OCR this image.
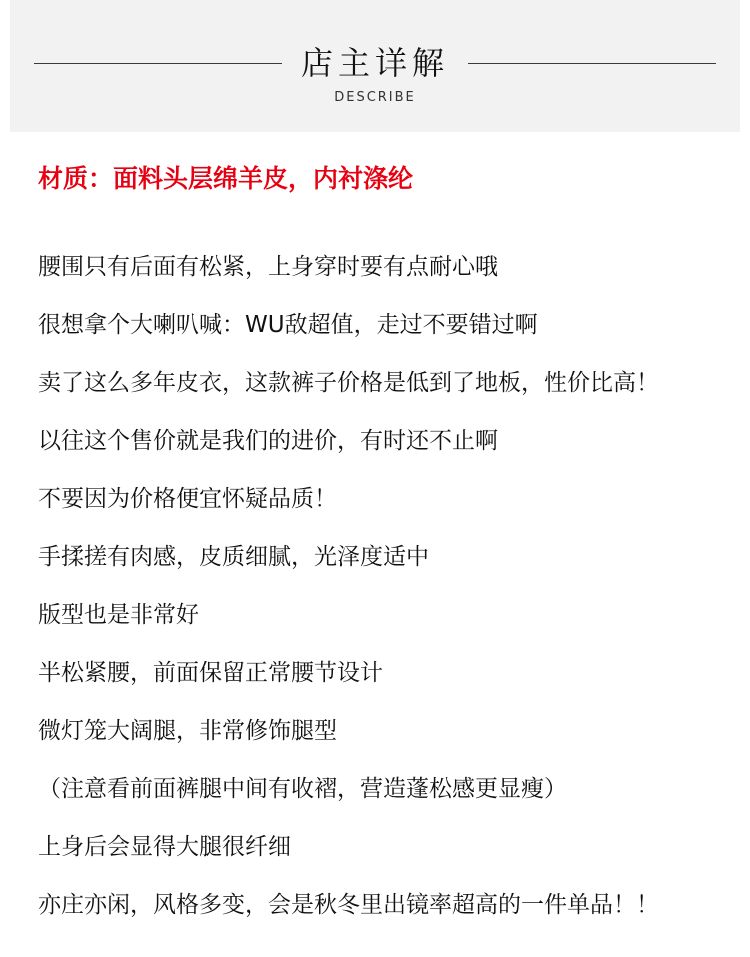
店主详解
DESCRIBE
材质：面料头层绵羊皮，内衬涤纶
腰围只有后面有松紧，上身穿时要有点耐心哦
很想拿个大喇叭喊：WU敌超值，走过不要错过啊
卖了这么多年皮衣，这款裤子价格是低到了地板，性价比高！
以往这个售价就是我们的进价，有时还不止啊
不要因为价格便宜怀疑品质！
手揉搓有肉感，皮质细腻，光泽度适中
版型也是非常好
半松紧腰，前面保留正常腰节设计
微灯笼大阔腿，非常修饰腿型
（注意看前面裤腿中间有收褶，营造蓬松感更显瘦）
上身后会显得大腿很纤细
亦庄亦闲，风格多变，会是秋冬里出镜率超高的一件单品！！
